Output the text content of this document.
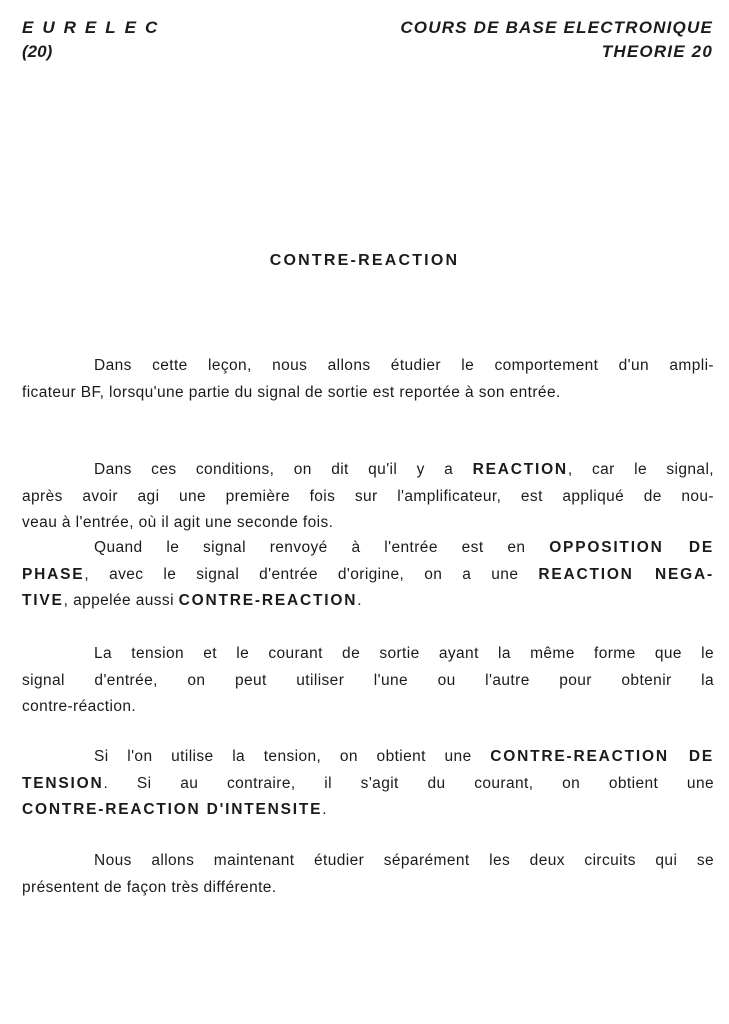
EURELEC
(20)
COURS DE BASE ELECTRONIQUE
THEORIE 20
CONTRE-REACTION
Dans cette leçon, nous allons étudier le comportement d'un ampli-
ficateur BF, lorsqu'une partie du signal de sortie est reportée à son entrée.
Dans ces conditions, on dit qu'il y a REACTION, car le signal,
après avoir agi une première fois sur l'amplificateur, est appliqué de nou-
veau à l'entrée, où il agit une seconde fois.
Quand le signal renvoyé à l'entrée est en OPPOSITION DE
PHASE, avec le signal d'entrée d'origine, on a une REACTION NEGA-
TIVE, appelée aussi CONTRE-REACTION.
La tension et le courant de sortie ayant la même forme que le
signal d'entrée, on peut utiliser l'une ou l'autre pour obtenir la
contre-réaction.
Si l'on utilise la tension, on obtient une CONTRE-REACTION DE
TENSION. Si au contraire, il s'agit du courant, on obtient une
CONTRE-REACTION D'INTENSITE.
Nous allons maintenant étudier séparément les deux circuits qui se
présentent de façon très différente.
